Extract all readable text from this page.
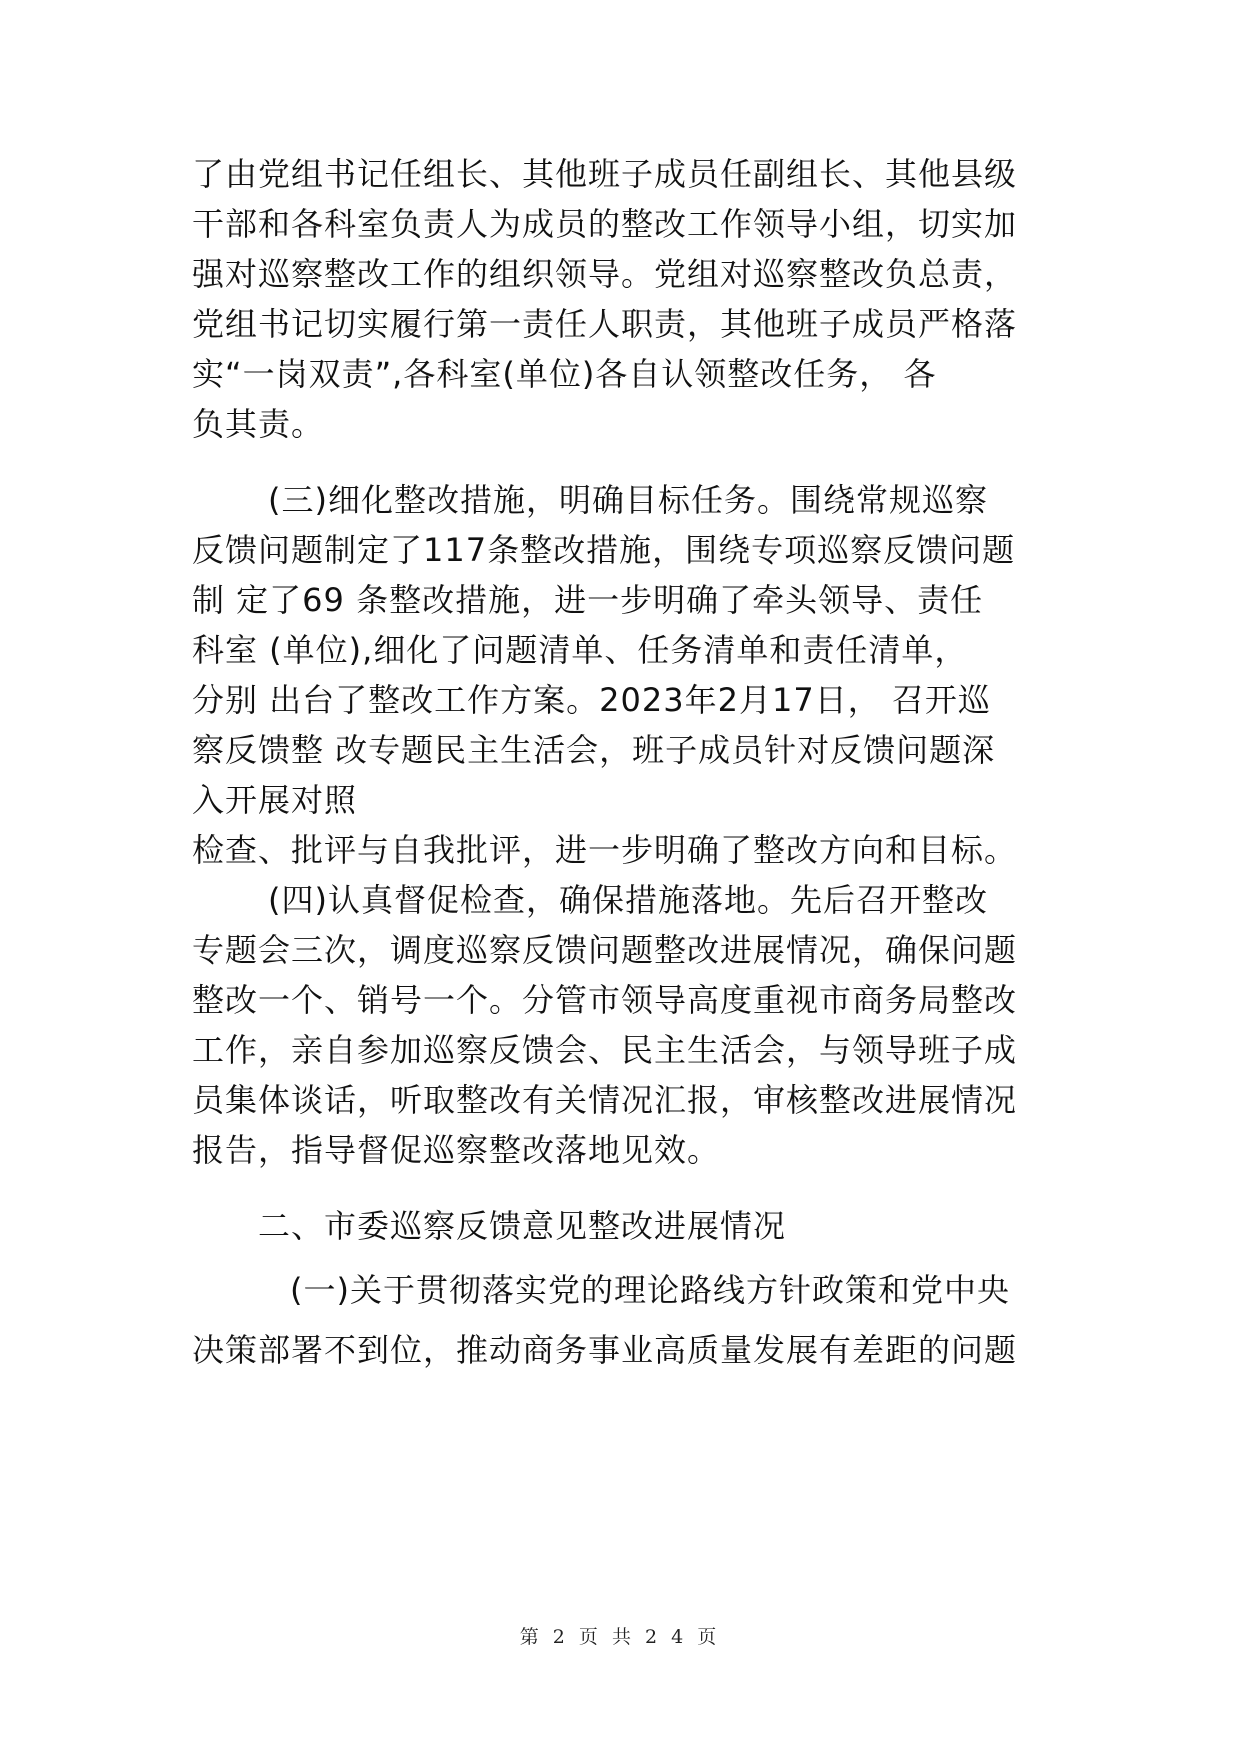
了由党组书记任组长、其他班子成员任副组长、其他县级
干部和各科室负责人为成员的整改工作领导小组，切实加
强对巡察整改工作的组织领导。党组对巡察整改负总责，
党组书记切实履行第一责任人职责，其他班子成员严格落
实“一岗双责”,各科室(单位)各自认领整改任务， 各
负其责。
(三)细化整改措施，明确目标任务。围绕常规巡察
反馈问题制定了117条整改措施，围绕专项巡察反馈问题
制 定了69 条整改措施，进一步明确了牵头领导、责任
科室 (单位),细化了问题清单、任务清单和责任清单，
分别 出台了整改工作方案。2023年2月17日， 召开巡
察反馈整 改专题民主生活会，班子成员针对反馈问题深
入开展对照
检查、批评与自我批评，进一步明确了整改方向和目标。
(四)认真督促检查，确保措施落地。先后召开整改
专题会三次，调度巡察反馈问题整改进展情况，确保问题
整改一个、销号一个。分管市领导高度重视市商务局整改
工作，亲自参加巡察反馈会、民主生活会，与领导班子成
员集体谈话，听取整改有关情况汇报，审核整改进展情况
报告，指导督促巡察整改落地见效。
二、市委巡察反馈意见整改进展情况
(一)关于贯彻落实党的理论路线方针政策和党中央
决策部署不到位，推动商务事业高质量发展有差距的问题
第 2 页 共 2 4 页
